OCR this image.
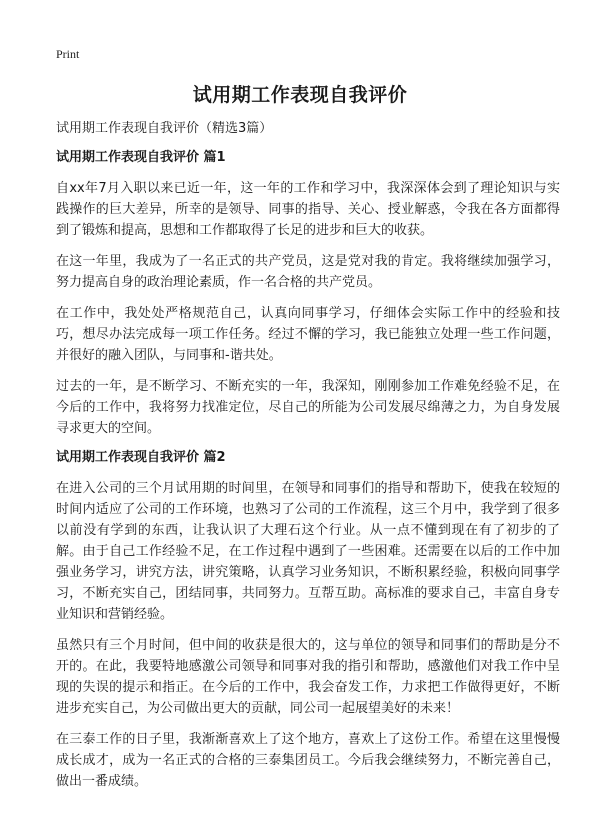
Print
试用期工作表现自我评价

试用期工作表现自我评价（精选3篇）

试用期工作表现自我评价 篇1

自xx年7月入职以来已近一年，这一年的工作和学习中，我深深体会到了理论知识与实践操作的巨大差异，所幸的是领导、同事的指导、关心、授业解惑，令我在各方面都得到了锻炼和提高，思想和工作都取得了长足的进步和巨大的收获。

在这一年里，我成为了一名正式的共产党员，这是党对我的肯定。我将继续加强学习，努力提高自身的政治理论素质，作一名合格的共产党员。

在工作中，我处处严格规范自己，认真向同事学习，仔细体会实际工作中的经验和技巧，想尽办法完成每一项工作任务。经过不懈的学习，我已能独立处理一些工作问题，并很好的融入团队，与同事和-谐共处。

过去的一年，是不断学习、不断充实的一年，我深知，刚刚参加工作难免经验不足，在今后的工作中，我将努力找准定位，尽自己的所能为公司发展尽绵薄之力，为自身发展寻求更大的空间。

试用期工作表现自我评价 篇2

在进入公司的三个月试用期的时间里，在领导和同事们的指导和帮助下，使我在较短的时间内适应了公司的工作环境，也熟习了公司的工作流程，这三个月中，我学到了很多以前没有学到的东西，让我认识了大理石这个行业。从一点不懂到现在有了初步的了解。由于自己工作经验不足，在工作过程中遇到了一些困难。还需要在以后的工作中加强业务学习，讲究方法，讲究策略，认真学习业务知识，不断积累经验，积极向同事学习，不断充实自己，团结同事，共同努力。互帮互助。高标准的要求自己，丰富自身专业知识和营销经验。

虽然只有三个月时间，但中间的收获是很大的，这与单位的领导和同事们的帮助是分不开的。在此，我要特地感激公司领导和同事对我的指引和帮助，感激他们对我工作中呈现的失误的提示和指正。在今后的工作中，我会奋发工作，力求把工作做得更好，不断进步充实自己，为公司做出更大的贡献，同公司一起展望美好的未来！

在三泰工作的日子里，我渐渐喜欢上了这个地方，喜欢上了这份工作。希望在这里慢慢成长成才，成为一名正式的合格的三泰集团员工。今后我会继续努力，不断完善自己，做出一番成绩。
